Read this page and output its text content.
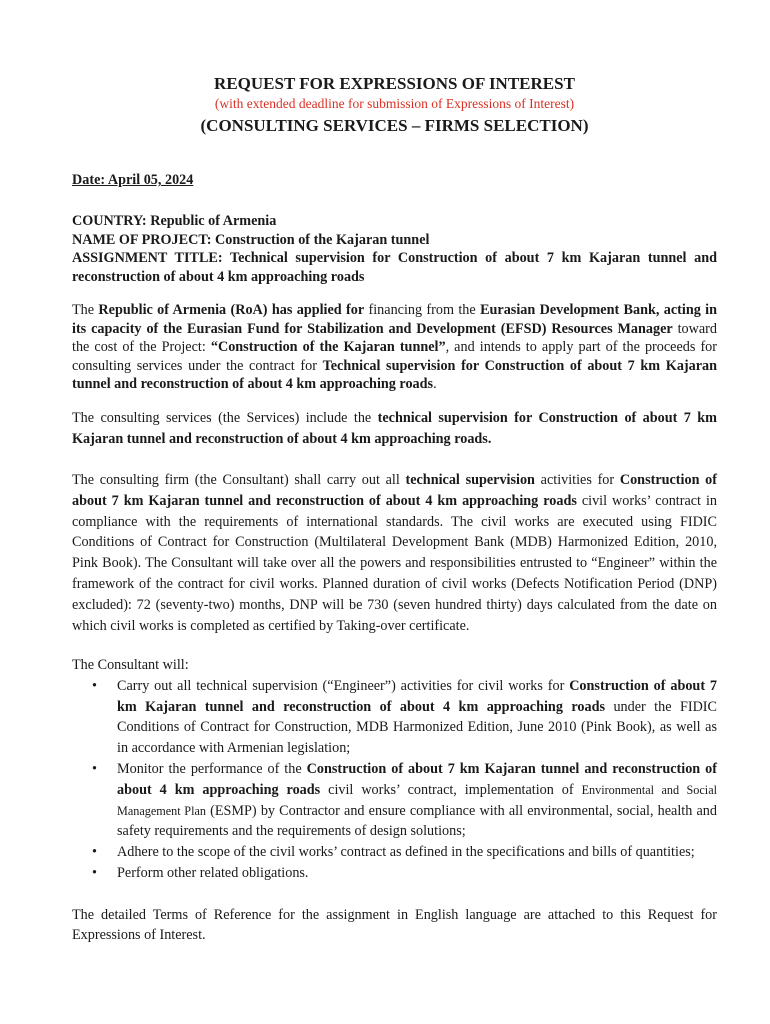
REQUEST FOR EXPRESSIONS OF INTEREST
(with extended deadline for submission of Expressions of Interest)
(CONSULTING SERVICES – FIRMS SELECTION)
Date: April 05, 2024
COUNTRY: Republic of Armenia
NAME OF PROJECT: Construction of the Kajaran tunnel
ASSIGNMENT TITLE: Technical supervision for Construction of about 7 km Kajaran tunnel and reconstruction of about 4 km approaching roads
The Republic of Armenia (RoA) has applied for financing from the Eurasian Development Bank, acting in its capacity of the Eurasian Fund for Stabilization and Development (EFSD) Resources Manager toward the cost of the Project: “Construction of the Kajaran tunnel”, and intends to apply part of the proceeds for consulting services under the contract for Technical supervision for Construction of about 7 km Kajaran tunnel and reconstruction of about 4 km approaching roads.
The consulting services (the Services) include the technical supervision for Construction of about 7 km Kajaran tunnel and reconstruction of about 4 km approaching roads.
The consulting firm (the Consultant) shall carry out all technical supervision activities for Construction of about 7 km Kajaran tunnel and reconstruction of about 4 km approaching roads civil works’ contract in compliance with the requirements of international standards. The civil works are executed using FIDIC Conditions of Contract for Construction (Multilateral Development Bank (MDB) Harmonized Edition, 2010, Pink Book). The Consultant will take over all the powers and responsibilities entrusted to “Engineer” within the framework of the contract for civil works. Planned duration of civil works (Defects Notification Period (DNP) excluded): 72 (seventy-two) months, DNP will be 730 (seven hundred thirty) days calculated from the date on which civil works is completed as certified by Taking-over certificate.
The Consultant will:
• Carry out all technical supervision (“Engineer”) activities for civil works for Construction of about 7 km Kajaran tunnel and reconstruction of about 4 km approaching roads under the FIDIC Conditions of Contract for Construction, MDB Harmonized Edition, June 2010 (Pink Book), as well as in accordance with Armenian legislation;
• Monitor the performance of the Construction of about 7 km Kajaran tunnel and reconstruction of about 4 km approaching roads civil works’ contract, implementation of Environmental and Social Management Plan (ESMP) by Contractor and ensure compliance with all environmental, social, health and safety requirements and the requirements of design solutions;
• Adhere to the scope of the civil works’ contract as defined in the specifications and bills of quantities;
• Perform other related obligations.
The detailed Terms of Reference for the assignment in English language are attached to this Request for Expressions of Interest.
